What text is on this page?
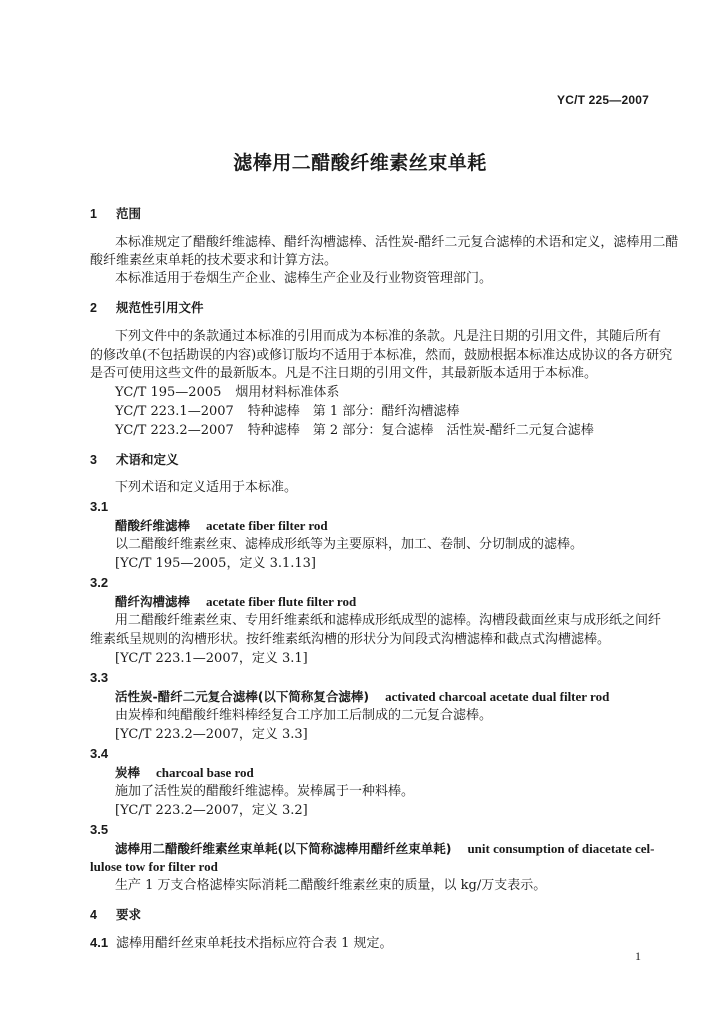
YC/T 225—2007
滤棒用二醋酸纤维素丝束单耗
1 范围
本标准规定了醋酸纤维滤棒、醋纤沟槽滤棒、活性炭-醋纤二元复合滤棒的术语和定义，滤棒用二醋
酸纤维素丝束单耗的技术要求和计算方法。
本标准适用于卷烟生产企业、滤棒生产企业及行业物资管理部门。
2 规范性引用文件
下列文件中的条款通过本标准的引用而成为本标准的条款。凡是注日期的引用文件，其随后所有
的修改单(不包括勘误的内容)或修订版均不适用于本标准，然而，鼓励根据本标准达成协议的各方研究
是否可使用这些文件的最新版本。凡是不注日期的引用文件，其最新版本适用于本标准。
YC/T 195—2005 烟用材料标准体系
YC/T 223.1—2007 特种滤棒　第 1 部分：醋纤沟槽滤棒
YC/T 223.2—2007 特种滤棒　第 2 部分：复合滤棒　活性炭-醋纤二元复合滤棒
3 术语和定义
下列术语和定义适用于本标准。
3.1
醋酸纤维滤棒 acetate fiber filter rod
以二醋酸纤维素丝束、滤棒成形纸等为主要原料，加工、卷制、分切制成的滤棒。
[YC/T 195—2005，定义 3.1.13]
3.2
醋纤沟槽滤棒 acetate fiber flute filter rod
用二醋酸纤维素丝束、专用纤维素纸和滤棒成形纸成型的滤棒。沟槽段截面丝束与成形纸之间纤
维素纸呈规则的沟槽形状。按纤维素纸沟槽的形状分为间段式沟槽滤棒和截点式沟槽滤棒。
[YC/T 223.1—2007，定义 3.1]
3.3
活性炭-醋纤二元复合滤棒(以下简称复合滤棒) activated charcoal acetate dual filter rod
由炭棒和纯醋酸纤维料棒经复合工序加工后制成的二元复合滤棒。
[YC/T 223.2—2007，定义 3.3]
3.4
炭棒 charcoal base rod
施加了活性炭的醋酸纤维滤棒。炭棒属于一种料棒。
[YC/T 223.2—2007，定义 3.2]
3.5
滤棒用二醋酸纤维素丝束单耗(以下简称滤棒用醋纤丝束单耗) unit consumption of diacetate cel-
lulose tow for filter rod
生产 1 万支合格滤棒实际消耗二醋酸纤维素丝束的质量，以 kg/万支表示。
4 要求
4.1 滤棒用醋纤丝束单耗技术指标应符合表 1 规定。
1
